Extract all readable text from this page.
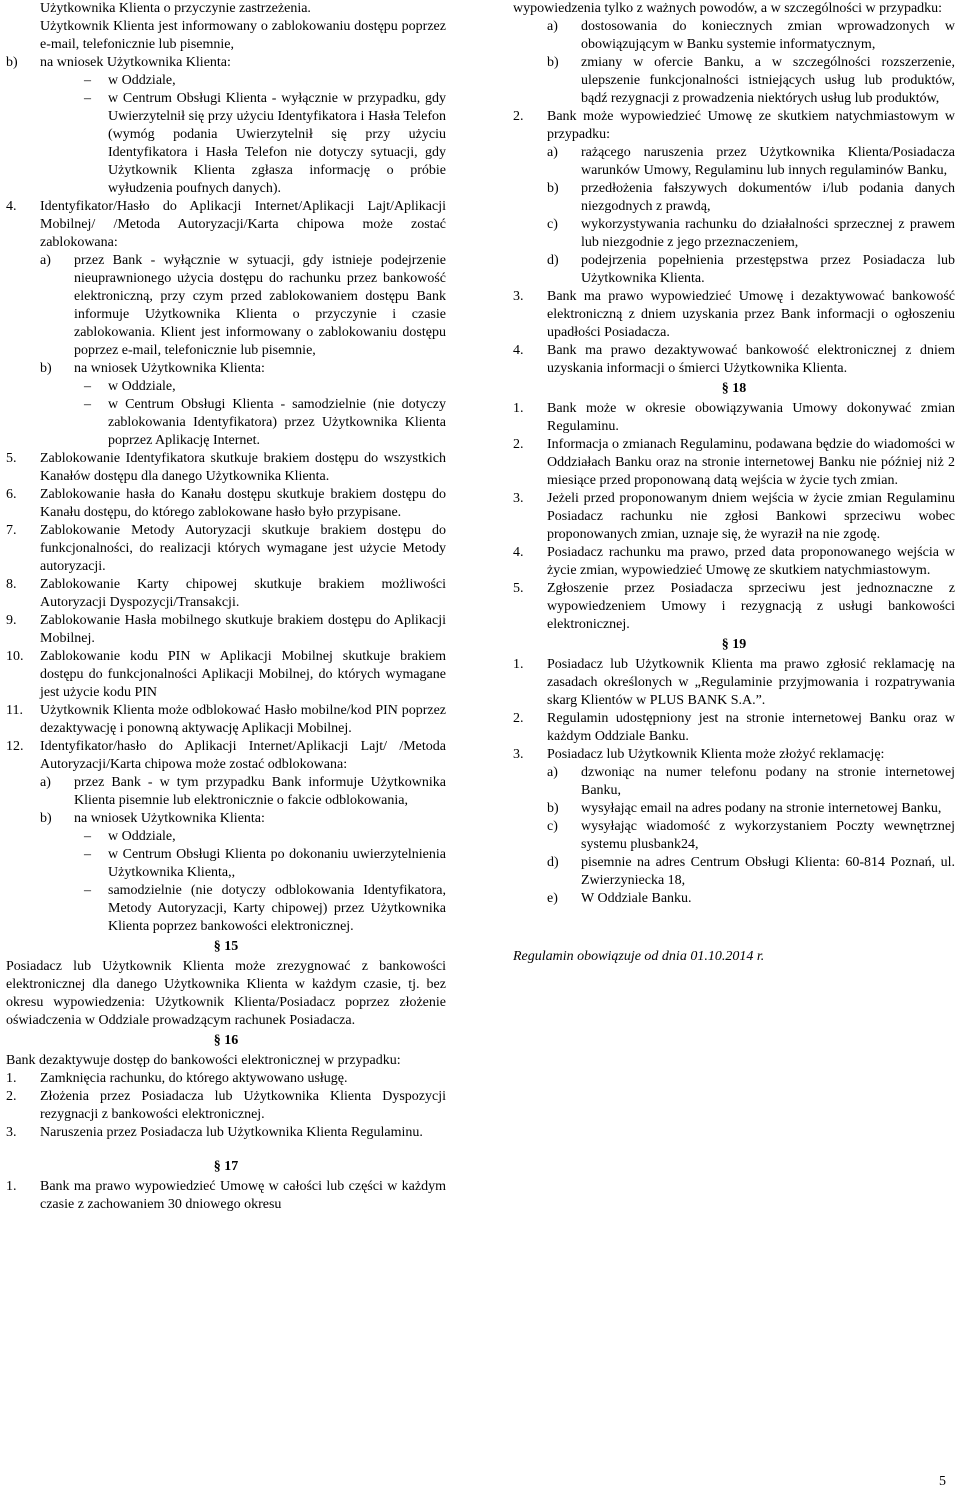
Użytkownika Klienta o przyczynie zastrzeżenia.

Użytkownik Klienta jest informowany o zablokowaniu dostępu poprzez e-mail, telefonicznie lub pisemnie,

b)	na wniosek Użytkownika Klienta:
–	w Oddziale,
–	w Centrum Obsługi Klienta - wyłącznie w przypadku, gdy Uwierzytelnił się przy użyciu Identyfikatora i Hasła Telefon (wymóg podania Uwierzytelnił się przy użyciu Identyfikatora i Hasła Telefon nie dotyczy sytuacji, gdy Użytkownik Klienta zgłasza informację o próbie wyłudzenia poufnych danych).
4.	Identyfikator/Hasło do Aplikacji Internet/Aplikacji Lajt/Aplikacji Mobilnej/ /Metoda Autoryzacji/Karta chipowa może zostać zablokowana:
a)	przez Bank - wyłącznie w sytuacji, gdy istnieje podejrzenie nieuprawnionego użycia dostępu do rachunku przez bankowość elektroniczną, przy czym przed zablokowaniem dostępu Bank informuje Użytkownika Klienta o przyczynie i czasie zablokowania. Klient jest informowany o zablokowaniu dostępu poprzez e-mail, telefonicznie lub pisemnie,
b)	na wniosek Użytkownika Klienta:
–	w Oddziale,
–	w Centrum Obsługi Klienta - samodzielnie (nie dotyczy zablokowania Identyfikatora) przez Użytkownika Klienta poprzez Aplikację Internet.
5.	Zablokowanie Identyfikatora skutkuje brakiem dostępu do wszystkich Kanałów dostępu dla danego Użytkownika Klienta.
6.	Zablokowanie hasła do Kanału dostępu skutkuje brakiem dostępu do Kanału dostępu, do którego zablokowane hasło było przypisane.
7.	Zablokowanie Metody Autoryzacji skutkuje brakiem dostępu do funkcjonalności, do realizacji których wymagane jest użycie Metody autoryzacji.
8.	Zablokowanie Karty chipowej skutkuje brakiem możliwości Autoryzacji Dyspozycji/Transakcji.
9.	Zablokowanie Hasła mobilnego skutkuje brakiem dostępu do Aplikacji Mobilnej.
10.	Zablokowanie kodu PIN w Aplikacji Mobilnej skutkuje brakiem dostępu do funkcjonalności Aplikacji Mobilnej, do których wymagane jest użycie kodu PIN
11.	Użytkownik Klienta może odblokować Hasło mobilne/kod PIN poprzez dezaktywację i ponowną aktywację Aplikacji Mobilnej.
12.	Identyfikator/hasło do Aplikacji Internet/Aplikacji Lajt/ /Metoda Autoryzacji/Karta chipowa może zostać odblokowana:
a)	przez Bank - w tym przypadku Bank informuje Użytkownika Klienta pisemnie lub elektronicznie o fakcie odblokowania,
b)	na wniosek Użytkownika Klienta:
–	w Oddziale,
–	w Centrum Obsługi Klienta po dokonaniu uwierzytelnienia Użytkownika Klienta,,
–	samodzielnie (nie dotyczy odblokowania Identyfikatora, Metody Autoryzacji, Karty chipowej) przez Użytkownika Klienta poprzez bankowości elektronicznej.
§ 15

Posiadacz lub Użytkownik Klienta może zrezygnować z bankowości elektronicznej dla danego Użytkownika Klienta w każdym czasie, tj. bez okresu wypowiedzenia: Użytkownik Klienta/Posiadacz poprzez złożenie oświadczenia w Oddziale prowadzącym rachunek Posiadacza.

§ 16

Bank dezaktywuje dostęp do bankowości elektronicznej w przypadku:

1.	Zamknięcia rachunku, do którego aktywowano usługę.
2.	Złożenia przez Posiadacza lub Użytkownika Klienta Dyspozycji rezygnacji z bankowości elektronicznej.
3.	Naruszenia przez Posiadacza lub Użytkownika Klienta Regulaminu.
§ 17
1.	Bank ma prawo wypowiedzieć Umowę w całości lub części w każdym czasie z zachowaniem 30 dniowego okresu

wypowiedzenia tylko z ważnych powodów, a w szczególności w przypadku:

a)	dostosowania do koniecznych zmian wprowadzonych w obowiązującym w Banku systemie informatycznym,
b)	zmiany w ofercie Banku, a w szczególności rozszerzenie, ulepszenie funkcjonalności istniejących usług lub produktów, bądź rezygnacji z prowadzenia niektórych usług lub produktów,
2.	Bank może wypowiedzieć Umowę ze skutkiem natychmiastowym w przypadku:
a)	rażącego naruszenia przez Użytkownika Klienta/Posiadacza warunków Umowy, Regulaminu lub innych regulaminów Banku,
b)	przedłożenia fałszywych dokumentów i/lub podania danych niezgodnych z prawdą,
c)	wykorzystywania rachunku do działalności sprzecznej z prawem lub niezgodnie z jego przeznaczeniem,
d)	podejrzenia popełnienia przestępstwa przez Posiadacza lub Użytkownika Klienta.
3.	Bank ma prawo wypowiedzieć Umowę i dezaktywować bankowość elektroniczną z dniem uzyskania przez Bank informacji o ogłoszeniu upadłości Posiadacza.
4.	Bank ma prawo dezaktywować bankowość elektronicznej z dniem uzyskania informacji o śmierci Użytkownika Klienta.
§ 18
1.	Bank może w okresie obowiązywania Umowy dokonywać zmian Regulaminu.
2.	Informacja o zmianach Regulaminu, podawana będzie do wiadomości w Oddziałach Banku oraz na stronie internetowej Banku nie później niż 2 miesiące przed proponowaną datą wejścia w życie tych zmian.
3.	Jeżeli przed proponowanym dniem wejścia w życie zmian Regulaminu Posiadacz rachunku nie zgłosi Bankowi sprzeciwu wobec proponowanych zmian, uznaje się, że wyraził na nie zgodę.
4.	Posiadacz rachunku ma prawo, przed data proponowanego wejścia w życie zmian, wypowiedzieć Umowę ze skutkiem natychmiastowym.
5.	Zgłoszenie przez Posiadacza sprzeciwu jest jednoznaczne z wypowiedzeniem Umowy i rezygnacją z usługi bankowości elektronicznej.
§ 19
1.	Posiadacz lub Użytkownik Klienta ma prawo zgłosić reklamację na zasadach określonych w „Regulaminie przyjmowania i rozpatrywania skarg Klientów w PLUS BANK S.A.”.
2.	Regulamin udostępniony jest na stronie internetowej Banku oraz w każdym Oddziale Banku.
3.	Posiadacz lub Użytkownik Klienta może złożyć reklamację:
a)	dzwoniąc na numer telefonu podany na stronie internetowej Banku,
b)	wysyłając email na adres podany na stronie internetowej Banku,
c)	wysyłając wiadomość z wykorzystaniem Poczty wewnętrznej systemu plusbank24,
d)	pisemnie na adres Centrum Obsługi Klienta: 60-814 Poznań, ul. Zwierzyniecka 18,
e)	W Oddziale Banku.

Regulamin obowiązuje od dnia 01.10.2014 r.

5
